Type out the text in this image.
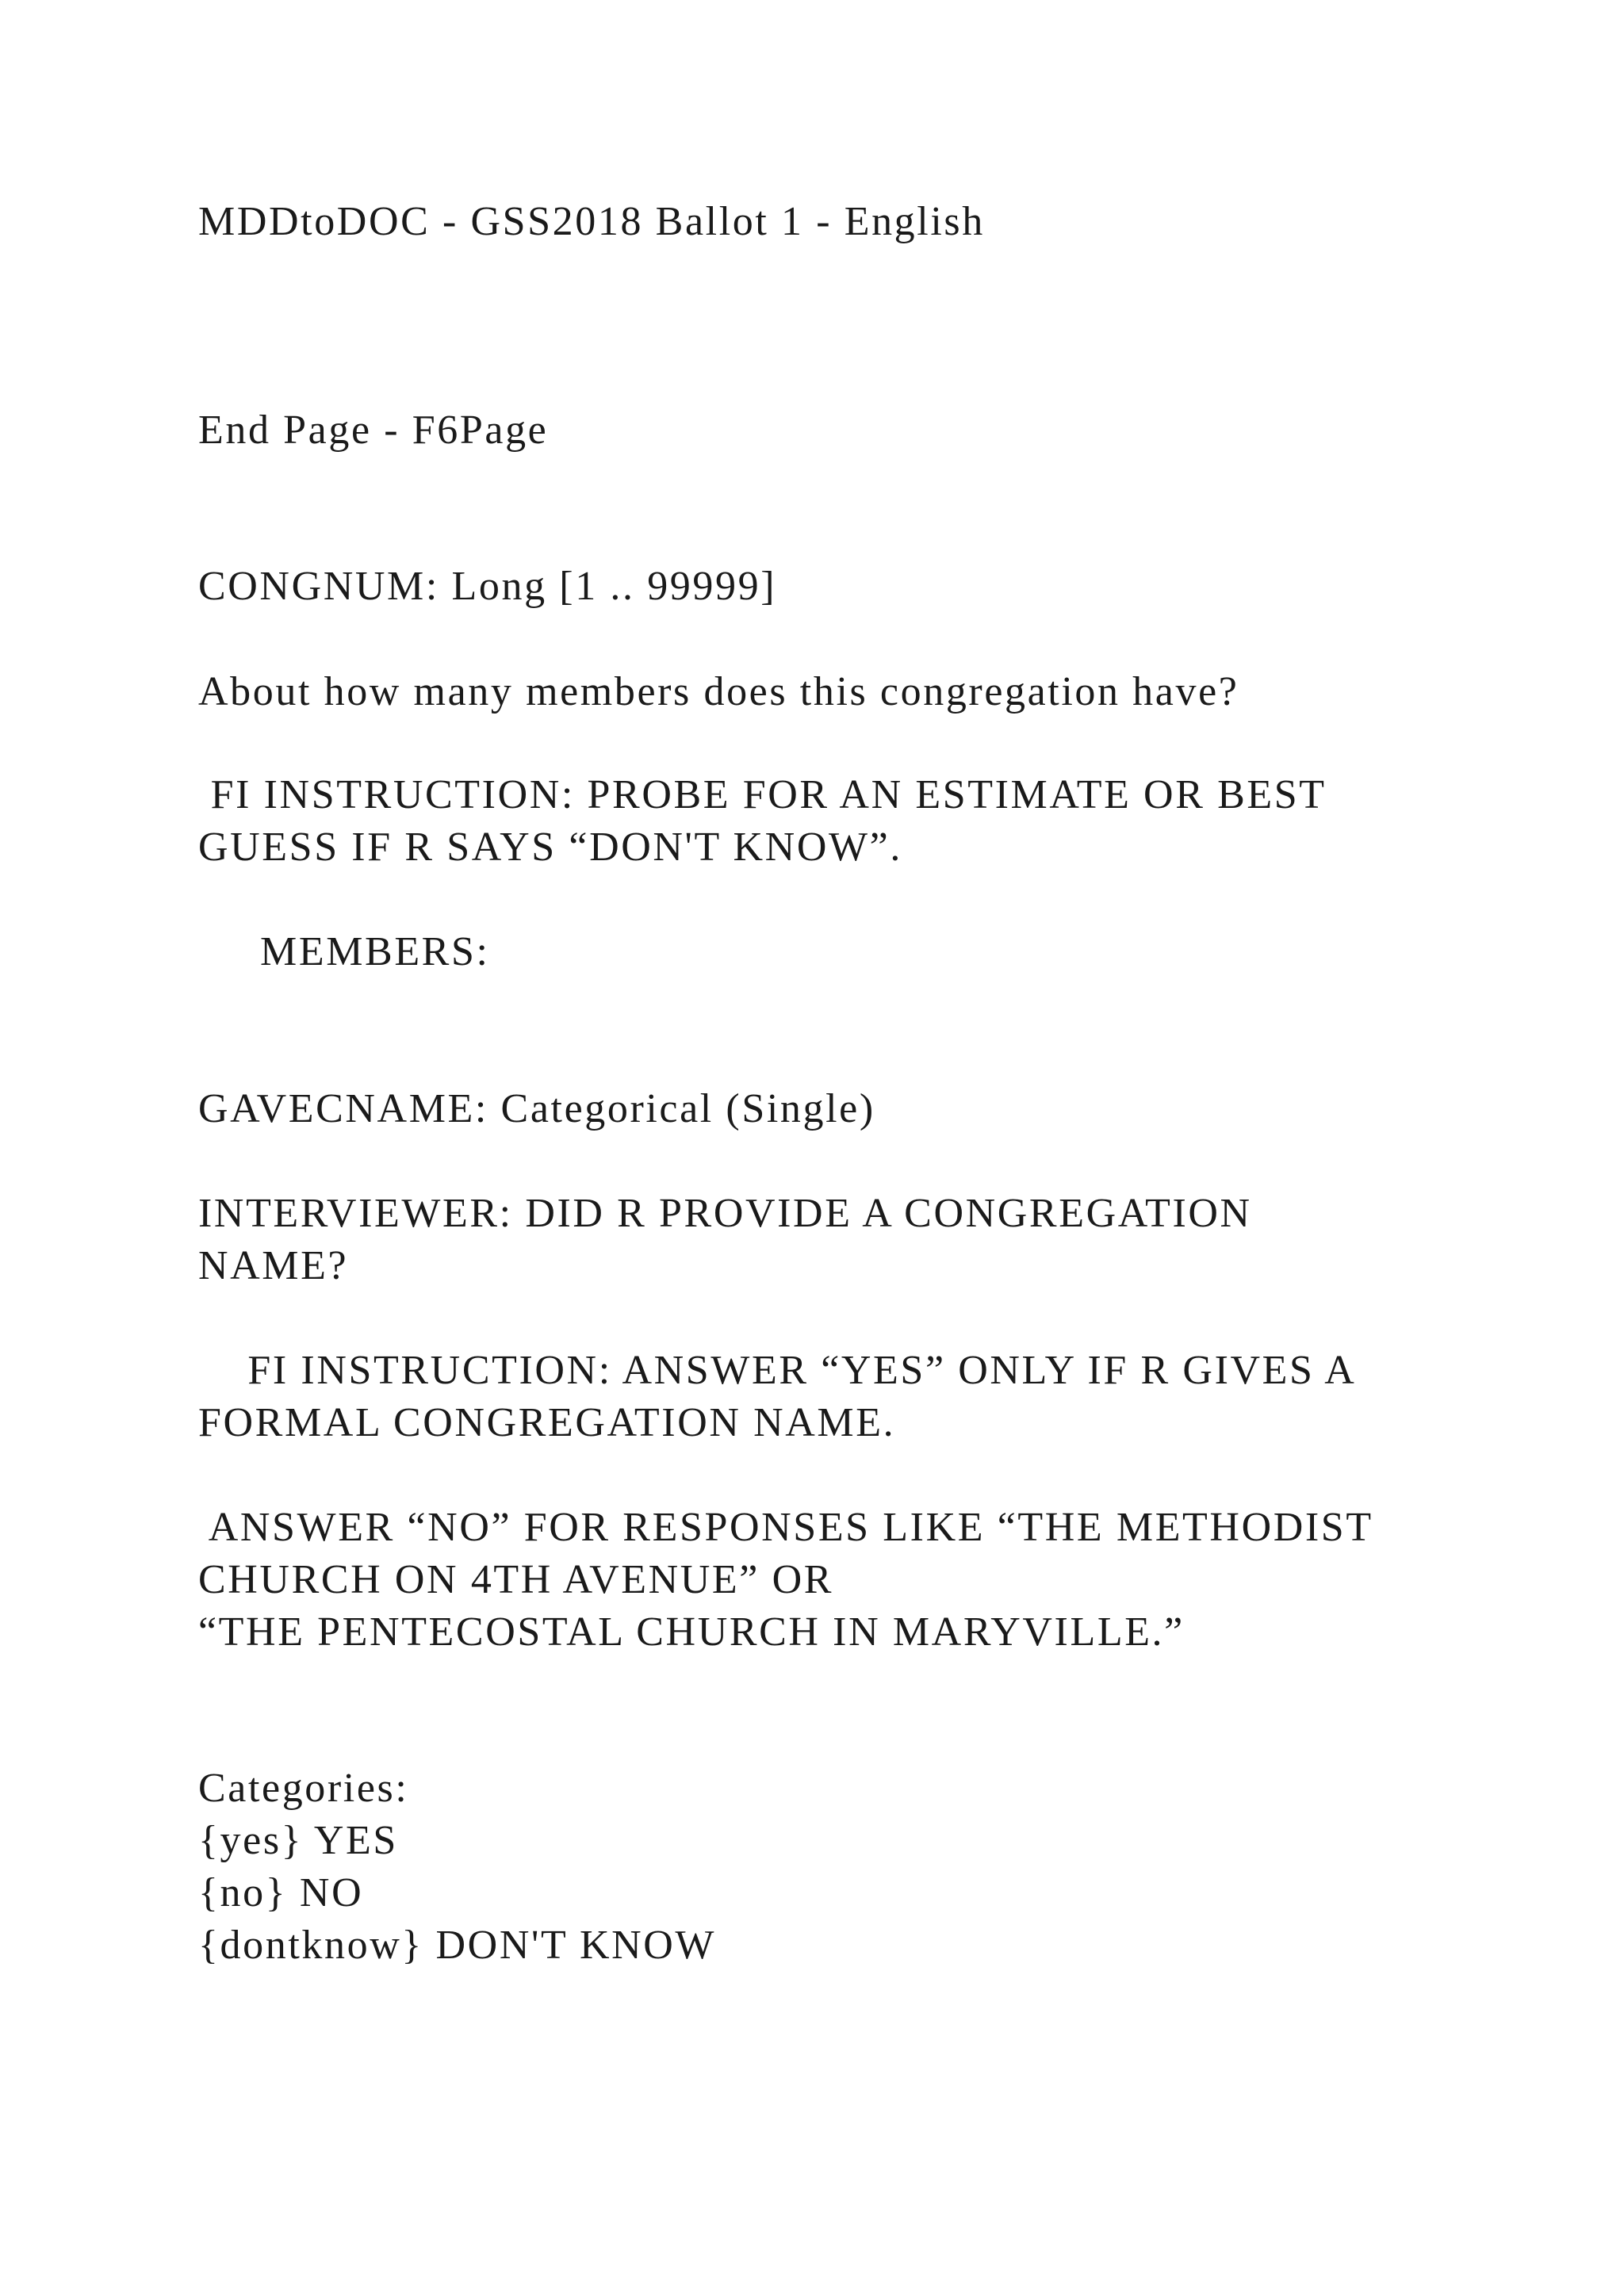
MDDtoDOC - GSS2018 Ballot 1 - English

End Page - F6Page

CONGNUM: Long [1 .. 99999]

About how many members does this congregation have?

FI INSTRUCTION: PROBE FOR AN ESTIMATE OR BEST

GUESS IF R SAYS “DON'T KNOW”.

MEMBERS:

GAVECNAME: Categorical (Single)

INTERVIEWER: DID R PROVIDE A CONGREGATION

NAME?

FI INSTRUCTION: ANSWER “YES” ONLY IF R GIVES A

FORMAL CONGREGATION NAME.

ANSWER “NO” FOR RESPONSES LIKE “THE METHODIST

CHURCH ON 4TH AVENUE” OR

“THE PENTECOSTAL CHURCH IN MARYVILLE.”

Categories:

{yes} YES

{no} NO

{dontknow} DON'T KNOW
